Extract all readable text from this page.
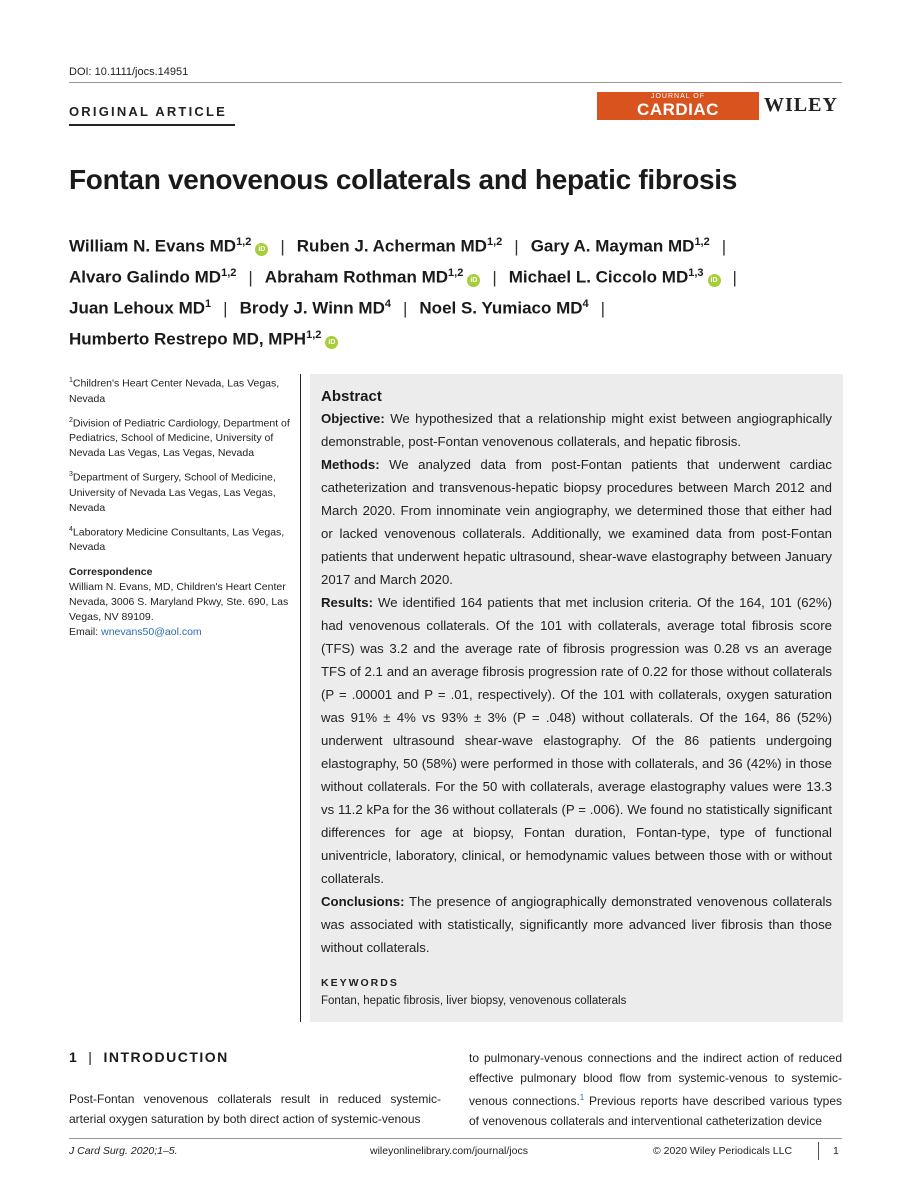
DOI: 10.1111/jocs.14951
ORIGINAL ARTICLE
JOURNAL OF
CARDIAC SURGERY
WILEY
Fontan venovenous collaterals and hepatic fibrosis
William N. Evans MD$^{1,2}$iD | Ruben J. Acherman MD$^{1,2}$ | Gary A. Mayman MD$^{1,2}$ |
Alvaro Galindo MD$^{1,2}$ | Abraham Rothman MD$^{1,2}$iD | Michael L. Ciccolo MD$^{1,3}$iD |
Juan Lehoux $MD^1$ | Brody J. Winn $MD^4$ | Noel S. Yumiaco $MD^4$ |
Humberto Restrepo MD, MPH$^{1,2}$iD
$^1$Children's Heart Center Nevada, Las Vegas, Nevada
$^2$Division of Pediatric Cardiology, Department of Pediatrics, School of Medicine, University of Nevada Las Vegas, Las Vegas, Nevada
$^3$Department of Surgery, School of Medicine, University of Nevada Las Vegas, Las Vegas, Nevada
$^4$Laboratory Medicine Consultants, Las Vegas, Nevada
Correspondence
William N. Evans, MD, Children's Heart Center Nevada, 3006 S. Maryland Pkwy, Ste. 690, Las Vegas, NV 89109.
Email: wnevans50@aol.com
Abstract

Objective: We hypothesized that a relationship might exist between angiographically demonstrable, post‐Fontan venovenous collaterals, and hepatic fibrosis.

Methods: We analyzed data from post‐Fontan patients that underwent cardiac catheterization and transvenous‐hepatic biopsy procedures between March 2012 and March 2020. From innominate vein angiography, we determined those that either had or lacked venovenous collaterals. Additionally, we examined data from post‐Fontan patients that underwent hepatic ultrasound, shear‐wave elastography between January 2017 and March 2020.

Results: We identified 164 patients that met inclusion criteria. Of the 164, 101 (62%) had venovenous collaterals. Of the 101 with collaterals, average total fibrosis score (TFS) was 3.2 and the average rate of fibrosis progression was 0.28 vs an average TFS of 2.1 and an average fibrosis progression rate of 0.22 for those without collaterals (P = .00001 and P = .01, respectively). Of the 101 with collaterals, oxygen saturation was 91% ± 4% vs 93% ± 3% (P = .048) without collaterals. Of the 164, 86 (52%) underwent ultrasound shear‐wave elastography. Of the 86 patients undergoing elastography, 50 (58%) were performed in those with collaterals, and 36 (42%) in those without collaterals. For the 50 with collaterals, average elastography values were 13.3 vs 11.2 kPa for the 36 without collaterals (P = .006). We found no statistically significant differences for age at biopsy, Fontan duration, Fontan‐type, type of functional univentricle, laboratory, clinical, or hemodynamic values between those with or without collaterals.

Conclusions: The presence of angiographically demonstrated venovenous collaterals was associated with statistically, significantly more advanced liver fibrosis than those without collaterals.

KEYWORDS
Fontan, hepatic fibrosis, liver biopsy, venovenous collaterals
1 | INTRODUCTION
Post‐Fontan venovenous collaterals result in reduced systemic-arterial oxygen saturation by both direct action of systemic-venous
to pulmonary‐venous connections and the indirect action of reduced effective pulmonary blood flow from systemic‐venous to systemic-venous connections.$^1$ Previous reports have described various types of venovenous collaterals and interventional catheterization device
J Card Surg. 2020;1–5.	wileyonlinelibrary.com/journal/jocs	© 2020 Wiley Periodicals LLC	1
